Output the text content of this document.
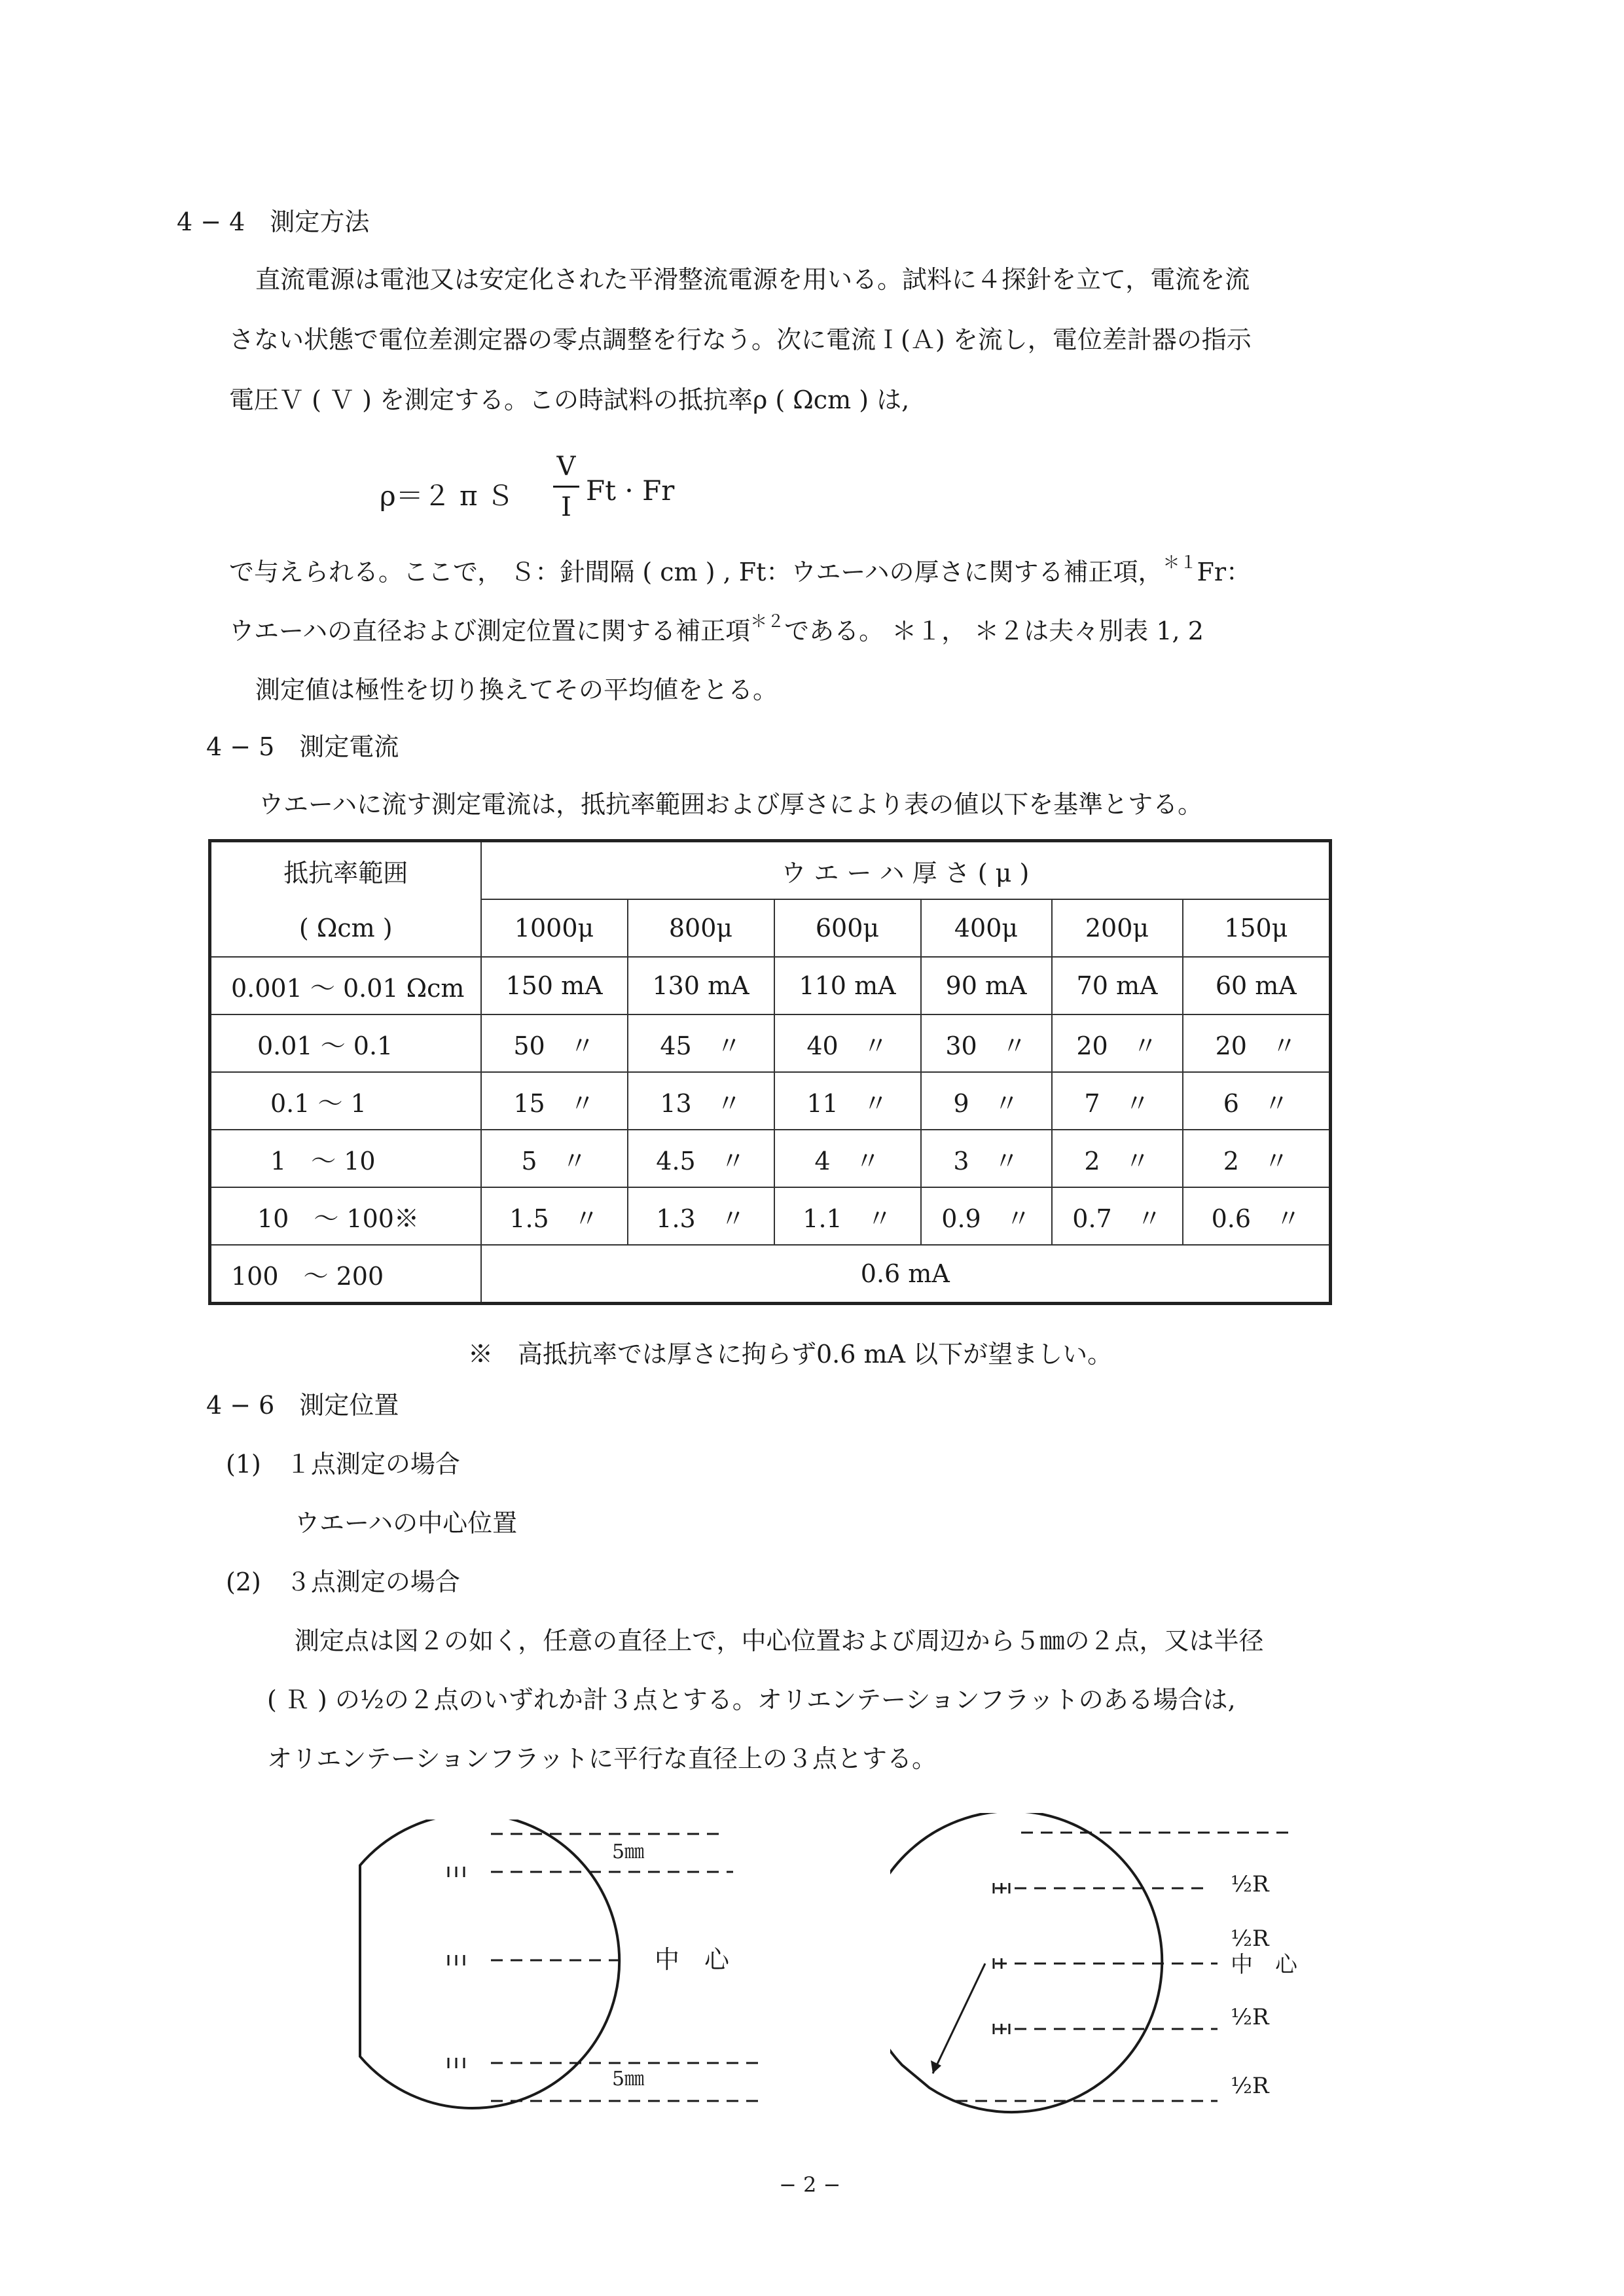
4 − 4　測定方法
直流電源は電池又は安定化された平滑整流電源を用いる。試料に４探針を立て，電流を流
さない状態で電位差測定器の零点調整を行なう。次に電流Ｉ(Ａ) を流し，電位差計器の指示
電圧Ｖ ( Ｖ ) を測定する。この時試料の抵抗率ρ ( Ωcm ) は,
ρ＝２ π Ｓ
V
I
Ft · Fr
で与えられる。ここで， Ｓ：針間隔 ( cm ) , Ft：ウエーハの厚さに関する補正項，$^{*1}$Fr：
ウエーハの直径および測定位置に関する補正項$^{*2}$である。 ＊１， ＊２は夫々別表 1, 2
測定値は極性を切り換えてその平均値をとる。
4 − 5　測定電流
ウエーハに流す測定電流は，抵抗率範囲および厚さにより表の値以下を基準とする。
抵抗率範囲	ウ エ ー ハ 厚 さ ( μ )					
( Ωcm )	1000μ	800μ	600μ	400μ	200μ	150μ
0.001 〜 0.01 Ωcm	150 mA	130 mA	110 mA	90 mA	70 mA	60 mA
0.01 〜 0.1	50　〃	45　〃	40　〃	30　〃	20　〃	20　〃
0.1 〜 1	15　〃	13　〃	11　〃	9　〃	7　〃	6　〃
1　〜 10	5　〃	4.5　〃	4　〃	3　〃	2　〃	2　〃
10　〜 100※	1.5　〃	1.3　〃	1.1　〃	0.9　〃	0.7　〃	0.6　〃
100　〜 200	0.6 mA					
※　高抵抗率では厚さに拘らず0.6 mA 以下が望ましい。
4 − 6　測定位置
(1)　１点測定の場合
ウエーハの中心位置
(2)　３点測定の場合
測定点は図２の如く，任意の直径上で，中心位置および周辺から５㎜の２点，又は半径
( Ｒ ) の½の２点のいずれか計３点とする。オリエンテーションフラットのある場合は,
オリエンテーションフラットに平行な直径上の３点とする。
5㎜
中　心
5㎜
½R
½R
中　心
½R
½R
− 2 −
